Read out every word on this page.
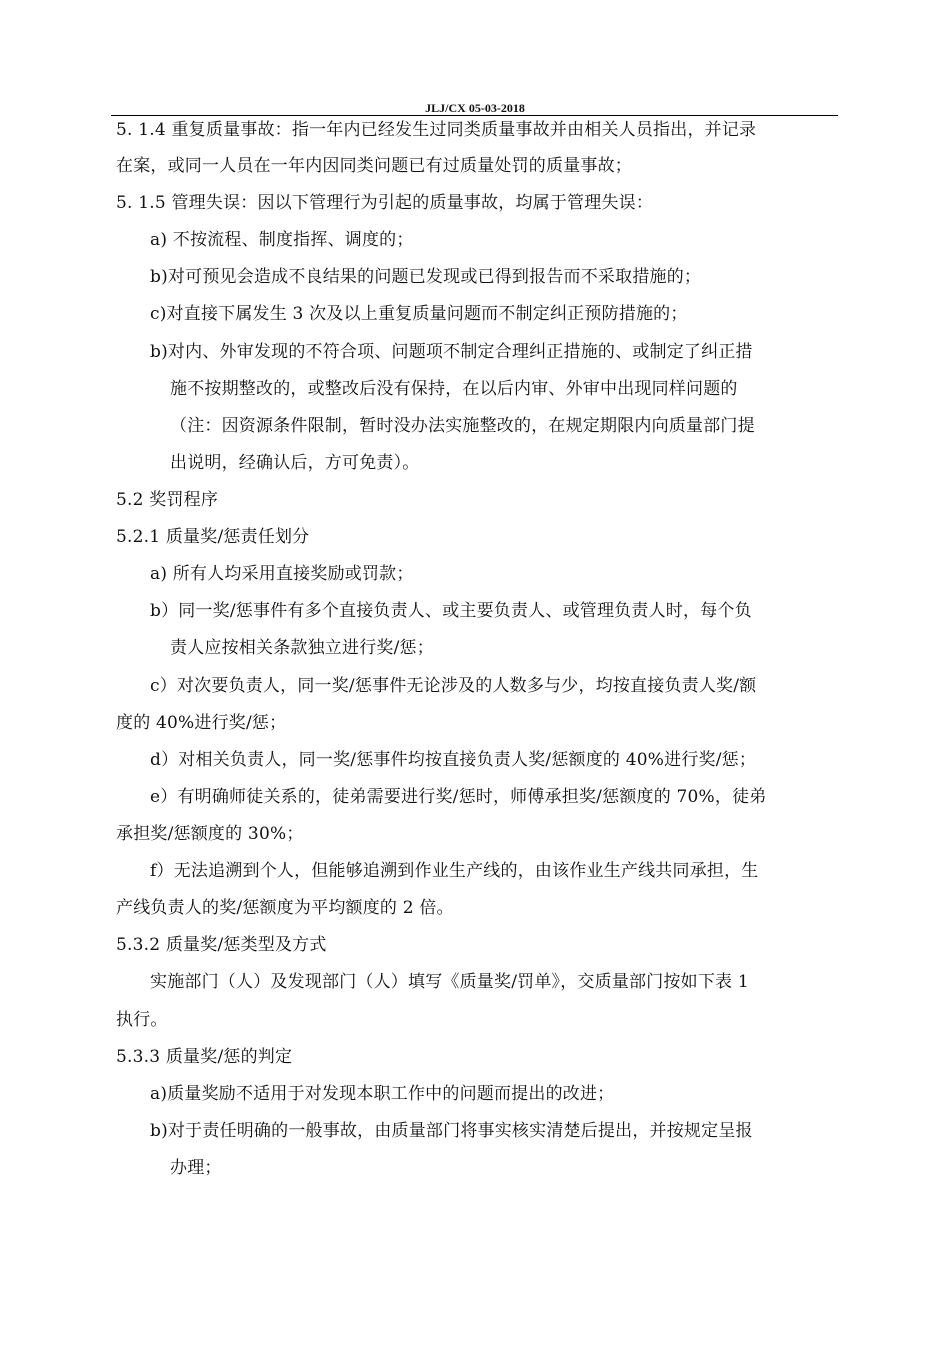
JLJ/CX 05-03-2018
5. 1.4 重复质量事故：指一年内已经发生过同类质量事故并由相关人员指出，并记录
在案，或同一人员在一年内因同类问题已有过质量处罚的质量事故；
5. 1.5 管理失误：因以下管理行为引起的质量事故，均属于管理失误：
a) 不按流程、制度指挥、调度的；
b)对可预见会造成不良结果的问题已发现或已得到报告而不采取措施的；
c)对直接下属发生 3 次及以上重复质量问题而不制定纠正预防措施的；
b)对内、外审发现的不符合项、问题项不制定合理纠正措施的、或制定了纠正措
施不按期整改的，或整改后没有保持，在以后内审、外审中出现同样问题的
（注：因资源条件限制，暂时没办法实施整改的，在规定期限内向质量部门提
出说明，经确认后，方可免责）。
5.2 奖罚程序
5.2.1 质量奖/惩责任划分
a) 所有人均采用直接奖励或罚款；
b）同一奖/惩事件有多个直接负责人、或主要负责人、或管理负责人时，每个负
责人应按相关条款独立进行奖/惩；
c）对次要负责人，同一奖/惩事件无论涉及的人数多与少，均按直接负责人奖/额
度的 40%进行奖/惩；
d）对相关负责人，同一奖/惩事件均按直接负责人奖/惩额度的 40%进行奖/惩；
e）有明确师徒关系的，徒弟需要进行奖/惩时，师傅承担奖/惩额度的 70%，徒弟
承担奖/惩额度的 30%；
f）无法追溯到个人，但能够追溯到作业生产线的，由该作业生产线共同承担，生
产线负责人的奖/惩额度为平均额度的 2 倍。
5.3.2 质量奖/惩类型及方式
实施部门（人）及发现部门（人）填写《质量奖/罚单》，交质量部门按如下表 1
执行。
5.3.3 质量奖/惩的判定
a)质量奖励不适用于对发现本职工作中的问题而提出的改进；
b)对于责任明确的一般事故，由质量部门将事实核实清楚后提出，并按规定呈报
办理；
